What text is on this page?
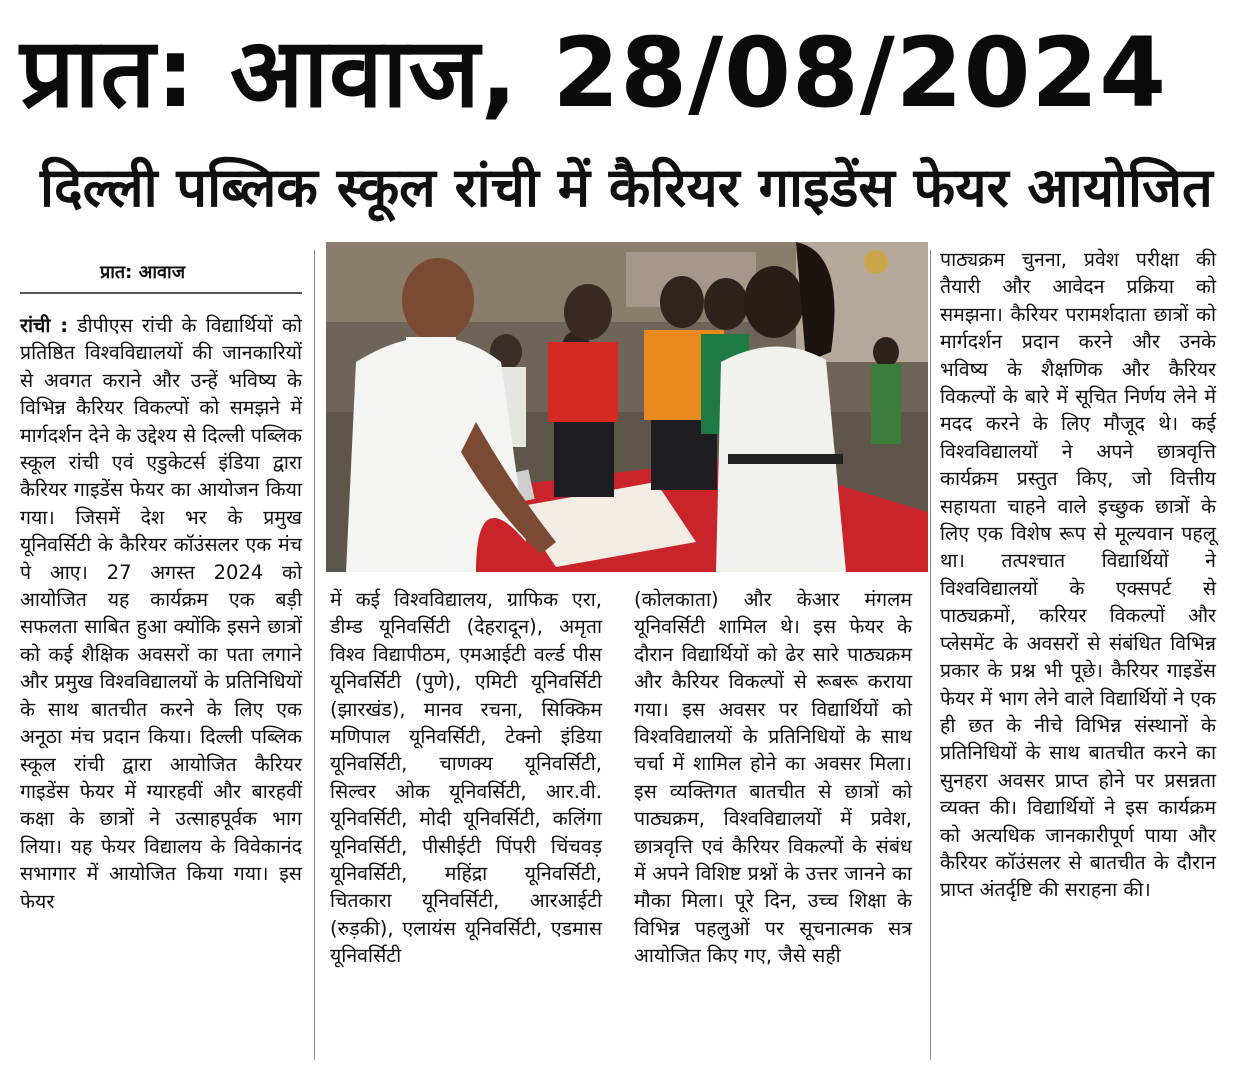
प्रात: आवाज, 28/08/2024
दिल्ली पब्लिक स्कूल रांची में कैरियर गाइडेंस फेयर आयोजित
प्रात: आवाज

रांची : डीपीएस रांची के विद्यार्थियों को प्रतिष्ठित विश्वविद्यालयों की जानकारियों से अवगत कराने और उन्हें भविष्य के विभिन्न कैरियर विकल्पों को समझने में मार्गदर्शन देने के उद्देश्य से दिल्ली पब्लिक स्कूल रांची एवं एडुकेटर्स इंडिया द्वारा कैरियर गाइडेंस फेयर का आयोजन किया गया। जिसमें देश भर के प्रमुख यूनिवर्सिटी के कैरियर कॉउंसलर एक मंच पे आए। 27 अगस्त 2024 को आयोजित यह कार्यक्रम एक बड़ी सफलता साबित हुआ क्योंकि इसने छात्रों को कई शैक्षिक अवसरों का पता लगाने और प्रमुख विश्वविद्यालयों के प्रतिनिधियों के साथ बातचीत करने के लिए एक अनूठा मंच प्रदान किया। दिल्ली पब्लिक स्कूल रांची द्वारा आयोजित कैरियर गाइडेंस फेयर में ग्यारहवीं और बारहवीं कक्षा के छात्रों ने उत्साहपूर्वक भाग लिया। यह फेयर विद्यालय के विवेकानंद सभागार में आयोजित किया गया। इस फेयर

में कई विश्वविद्यालय, ग्राफिक एरा, डीम्ड यूनिवर्सिटी (देहरादून), अमृता विश्व विद्यापीठम, एमआईटी वर्ल्ड पीस यूनिवर्सिटी (पुणे), एमिटी यूनिवर्सिटी (झारखंड), मानव रचना, सिक्किम मणिपाल यूनिवर्सिटी, टेक्नो इंडिया यूनिवर्सिटी, चाणक्य यूनिवर्सिटी, सिल्वर ओक यूनिवर्सिटी, आर.वी. यूनिवर्सिटी, मोदी यूनिवर्सिटी, कलिंगा यूनिवर्सिटी, पीसीईटी पिंपरी चिंचवड़ यूनिवर्सिटी, महिंद्रा यूनिवर्सिटी, चितकारा यूनिवर्सिटी, आरआईटी (रुड़की), एलायंस यूनिवर्सिटी, एडमास यूनिवर्सिटी

(कोलकाता) और केआर मंगलम यूनिवर्सिटी शामिल थे। इस फेयर के दौरान विद्यार्थियों को ढेर सारे पाठ्यक्रम और कैरियर विकल्पों से रूबरू कराया गया। इस अवसर पर विद्यार्थियों को विश्वविद्यालयों के प्रतिनिधियों के साथ चर्चा में शामिल होने का अवसर मिला। इस व्यक्तिगत बातचीत से छात्रों को पाठ्यक्रम, विश्वविद्यालयों में प्रवेश, छात्रवृत्ति एवं कैरियर विकल्पों के संबंध में अपने विशिष्ट प्रश्नों के उत्तर जानने का मौका मिला। पूरे दिन, उच्च शिक्षा के विभिन्न पहलुओं पर सूचनात्मक सत्र आयोजित किए गए, जैसे सही

पाठ्यक्रम चुनना, प्रवेश परीक्षा की तैयारी और आवेदन प्रक्रिया को समझना। कैरियर परामर्शदाता छात्रों को मार्गदर्शन प्रदान करने और उनके भविष्य के शैक्षणिक और कैरियर विकल्पों के बारे में सूचित निर्णय लेने में मदद करने के लिए मौजूद थे। कई विश्वविद्यालयों ने अपने छात्रवृत्ति कार्यक्रम प्रस्तुत किए, जो वित्तीय सहायता चाहने वाले इच्छुक छात्रों के लिए एक विशेष रूप से मूल्यवान पहलू था। तत्पश्चात विद्यार्थियों ने विश्वविद्यालयों के एक्सपर्ट से पाठ्यक्रमों, करियर विकल्पों और प्लेसमेंट के अवसरों से संबंधित विभिन्न प्रकार के प्रश्न भी पूछे। कैरियर गाइडेंस फेयर में भाग लेने वाले विद्यार्थियों ने एक ही छत के नीचे विभिन्न संस्थानों के प्रतिनिधियों के साथ बातचीत करने का सुनहरा अवसर प्राप्त होने पर प्रसन्नता व्यक्त की। विद्यार्थियों ने इस कार्यक्रम को अत्यधिक जानकारीपूर्ण पाया और कैरियर कॉउंसलर से बातचीत के दौरान प्राप्त अंतर्दृष्टि की सराहना की।
